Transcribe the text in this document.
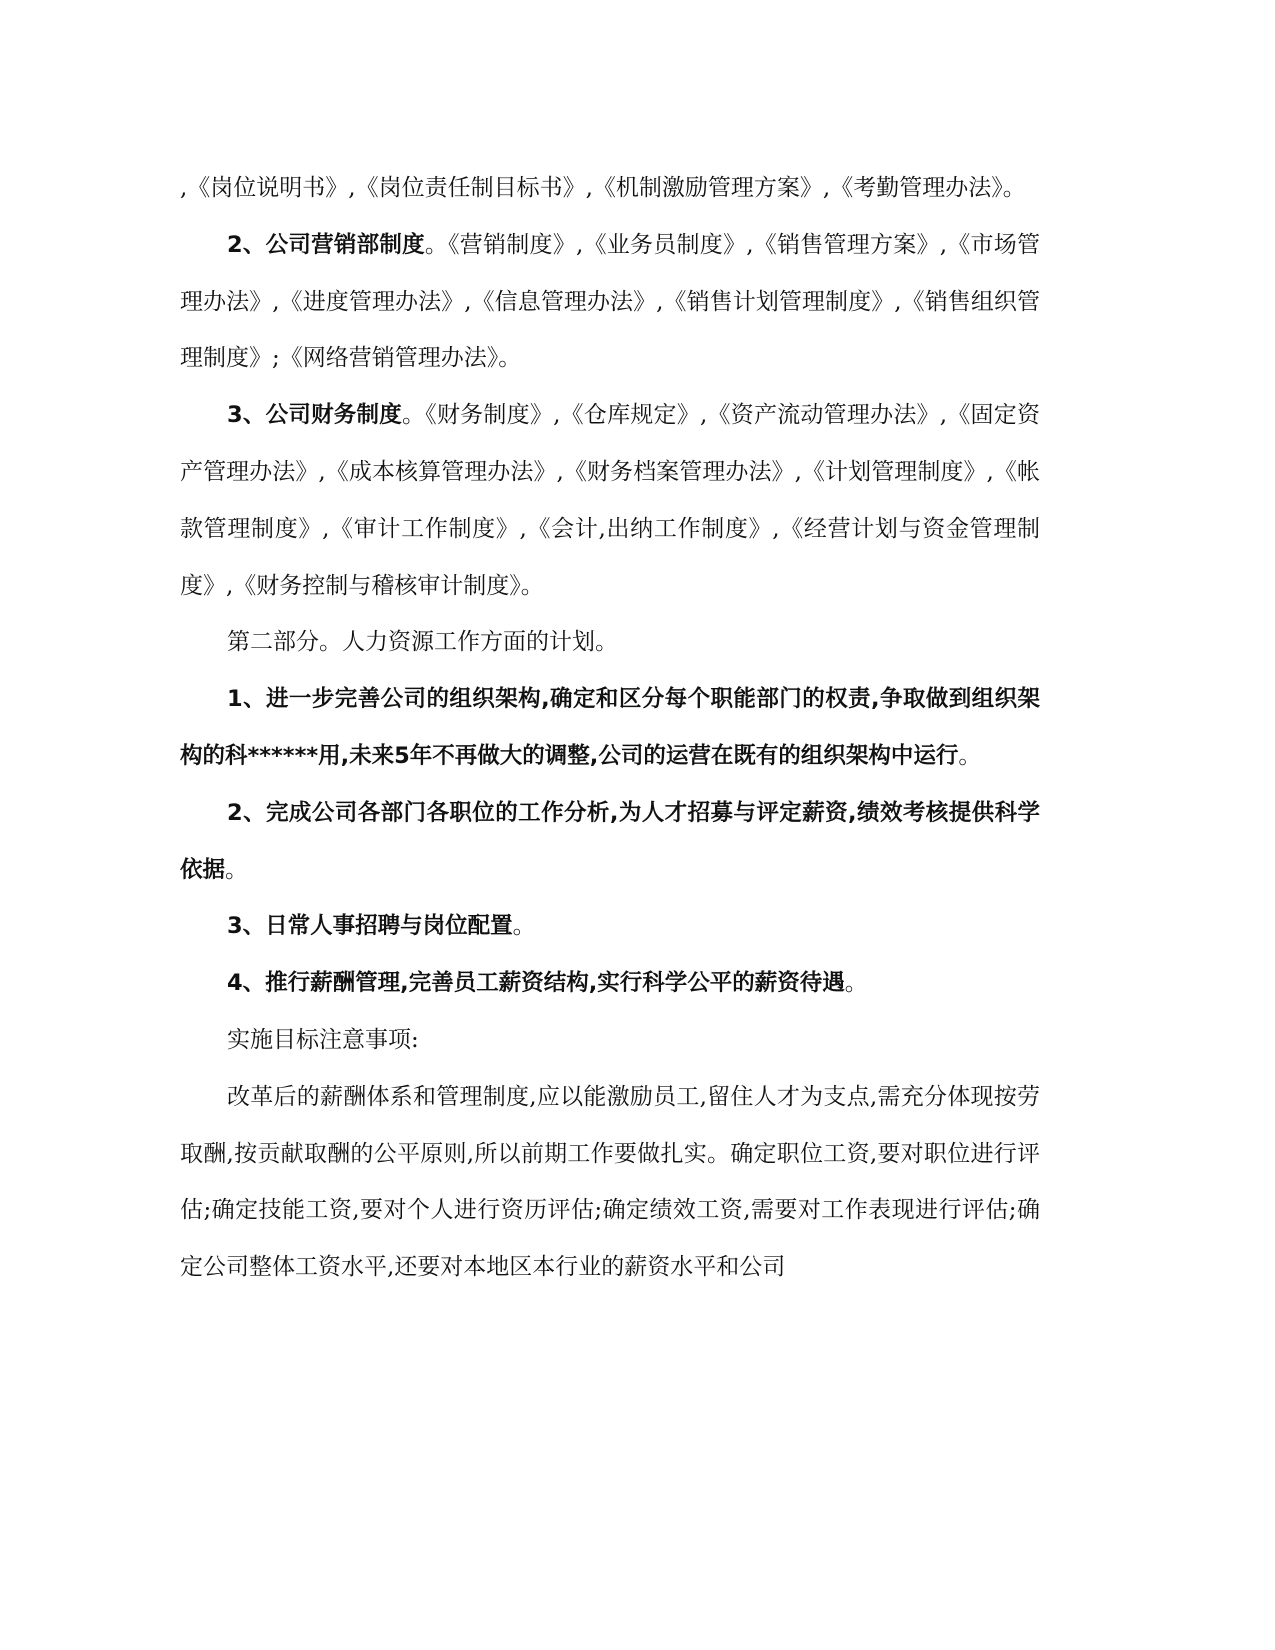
,《岗位说明书》,《岗位责任制目标书》,《机制激励管理方案》,《考勤管理办法》。

2、公司营销部制度。《营销制度》,《业务员制度》,《销售管理方案》,《市场管理办法》,《进度管理办法》,《信息管理办法》,《销售计划管理制度》,《销售组织管理制度》;《网络营销管理办法》。

3、公司财务制度。《财务制度》,《仓库规定》,《资产流动管理办法》,《固定资产管理办法》,《成本核算管理办法》,《财务档案管理办法》,《计划管理制度》,《帐款管理制度》,《审计工作制度》,《会计,出纳工作制度》,《经营计划与资金管理制度》,《财务控制与稽核审计制度》。

第二部分。人力资源工作方面的计划。

1、进一步完善公司的组织架构,确定和区分每个职能部门的权责,争取做到组织架构的科******用,未来5年不再做大的调整,公司的运营在既有的组织架构中运行。

2、完成公司各部门各职位的工作分析,为人才招募与评定薪资,绩效考核提供科学依据。

3、日常人事招聘与岗位配置。

4、推行薪酬管理,完善员工薪资结构,实行科学公平的薪资待遇。

实施目标注意事项:

改革后的薪酬体系和管理制度,应以能激励员工,留住人才为支点,需充分体现按劳取酬,按贡献取酬的公平原则,所以前期工作要做扎实。确定职位工资,要对职位进行评估;确定技能工资,要对个人进行资历评估;确定绩效工资,需要对工作表现进行评估;确定公司整体工资水平,还要对本地区本行业的薪资水平和公司
